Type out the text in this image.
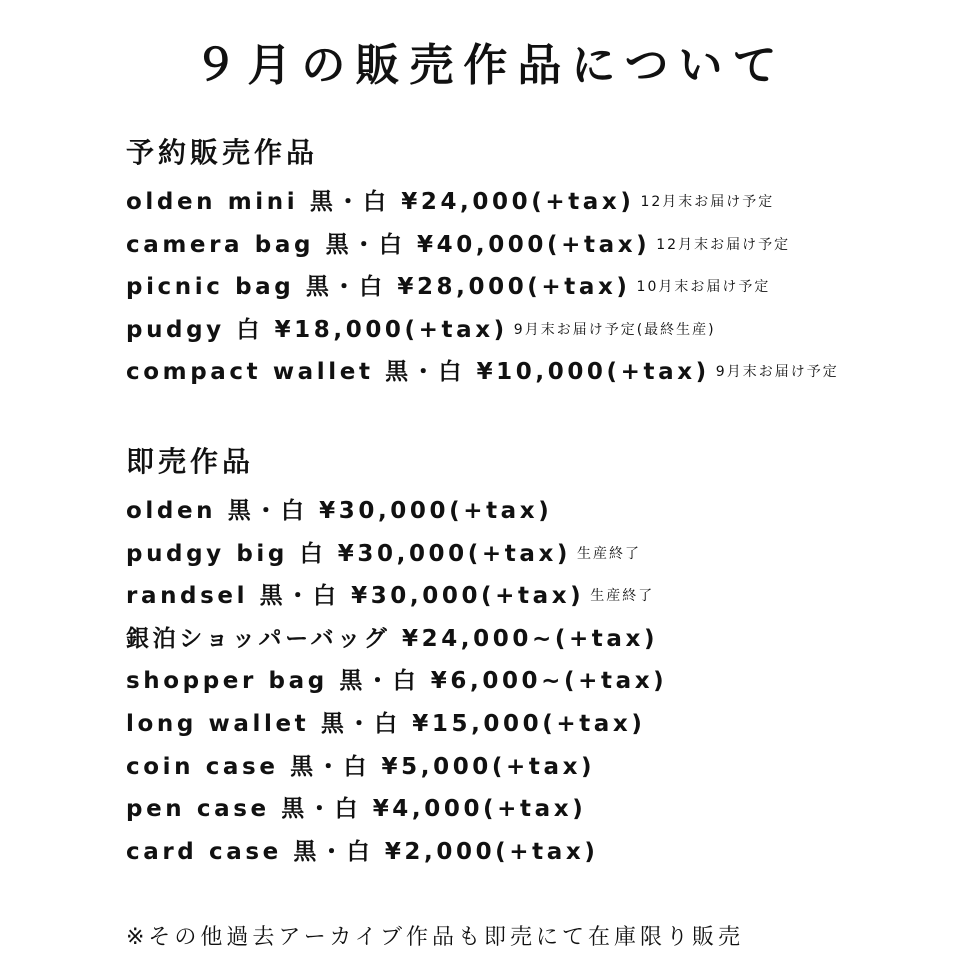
９月の販売作品について
予約販売作品
olden mini 黒・白 ¥24,000(+tax) 12月末お届け予定
camera bag 黒・白 ¥40,000(+tax) 12月末お届け予定
picnic bag 黒・白 ¥28,000(+tax) 10月末お届け予定
pudgy 白 ¥18,000(+tax) 9月末お届け予定(最終生産)
compact wallet 黒・白 ¥10,000(+tax) 9月末お届け予定
即売作品
olden 黒・白 ¥30,000(+tax)
pudgy big 白 ¥30,000(+tax) 生産終了
randsel 黒・白 ¥30,000(+tax) 生産終了
銀泊ショッパーバッグ ¥24,000~(+tax)
shopper bag 黒・白 ¥6,000~(+tax)
long wallet 黒・白 ¥15,000(+tax)
coin case 黒・白 ¥5,000(+tax)
pen case 黒・白 ¥4,000(+tax)
card case 黒・白 ¥2,000(+tax)

※その他過去アーカイブ作品も即売にて在庫限り販売
